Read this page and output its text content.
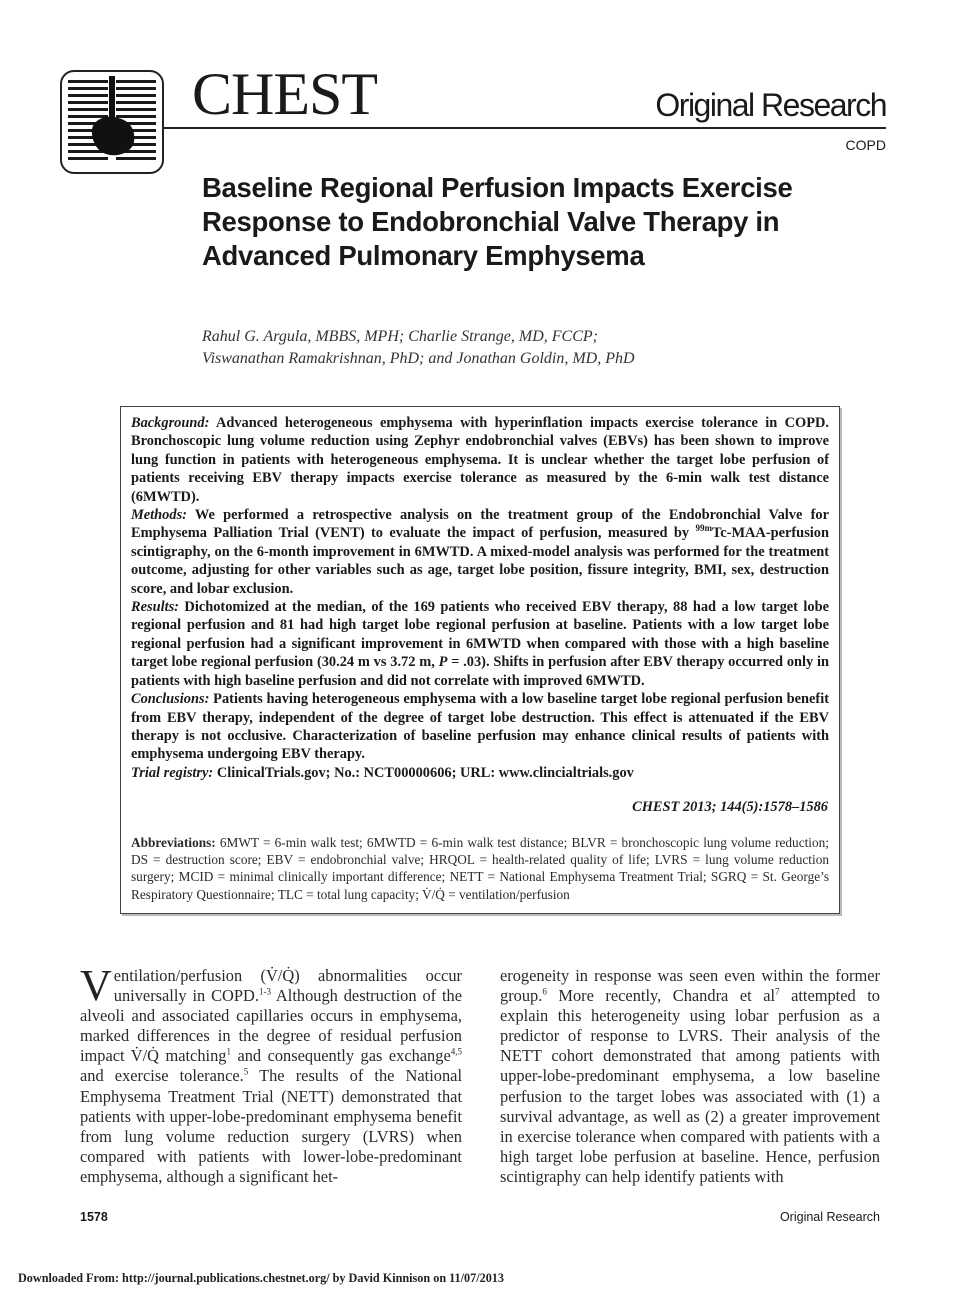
CHEST	Original Research
COPD
Baseline Regional Perfusion Impacts Exercise Response to Endobronchial Valve Therapy in Advanced Pulmonary Emphysema
Rahul G. Argula, MBBS, MPH; Charlie Strange, MD, FCCP;
Viswanathan Ramakrishnan, PhD; and Jonathan Goldin, MD, PhD
Background: Advanced heterogeneous emphysema with hyperinflation impacts exercise tolerance in COPD. Bronchoscopic lung volume reduction using Zephyr endobronchial valves (EBVs) has been shown to improve lung function in patients with heterogeneous emphysema. It is unclear whether the target lobe perfusion of patients receiving EBV therapy impacts exercise tolerance as measured by the 6-min walk test distance (6MWTD).
Methods: We performed a retrospective analysis on the treatment group of the Endobronchial Valve for Emphysema Palliation Trial (VENT) to evaluate the impact of perfusion, measured by $^{99m}$Tc-MAA-perfusion scintigraphy, on the 6-month improvement in 6MWTD. A mixed-model analysis was performed for the treatment outcome, adjusting for other variables such as age, target lobe position, fissure integrity, BMI, sex, destruction score, and lobar exclusion.
Results: Dichotomized at the median, of the 169 patients who received EBV therapy, 88 had a low target lobe regional perfusion and 81 had high target lobe regional perfusion at baseline. Patients with a low target lobe regional perfusion had a significant improvement in 6MWTD when compared with those with a high baseline target lobe regional perfusion (30.24 m vs 3.72 m, P = .03). Shifts in perfusion after EBV therapy occurred only in patients with high baseline perfusion and did not correlate with improved 6MWTD.
Conclusions: Patients having heterogeneous emphysema with a low baseline target lobe regional perfusion benefit from EBV therapy, independent of the degree of target lobe destruction. This effect is attenuated if the EBV therapy is not occlusive. Characterization of baseline perfusion may enhance clinical results of patients with emphysema undergoing EBV therapy.
Trial registry: ClinicalTrials.gov; No.: NCT00000606; URL: www.clincialtrials.gov
CHEST 2013; 144(5):1578–1586
Abbreviations: 6MWT = 6-min walk test; 6MWTD = 6-min walk test distance; BLVR = bronchoscopic lung volume reduction; DS = destruction score; EBV = endobronchial valve; HRQOL = health-related quality of life; LVRS = lung volume reduction surgery; MCID = minimal clinically important difference; NETT = National Emphysema Treatment Trial; SGRQ = St. George’s Respiratory Questionnaire; TLC = total lung capacity; V̇/Q̇ = ventilation/perfusion
Ventilation/perfusion (V̇/Q̇) abnormalities occur universally in COPD.$^{1-3}$ Although destruction of the alveoli and associated capillaries occurs in emphysema, marked differences in the degree of residual perfusion impact V̇/Q̇ matching$^1$ and consequently gas exchange$^{4,5}$ and exercise tolerance.$^5$ The results of the National Emphysema Treatment Trial (NETT) demonstrated that patients with upper-lobe-predominant emphysema benefit from lung volume reduction surgery (LVRS) when compared with patients with lower-lobe-predominant emphysema, although a significant het-
erogeneity in response was seen even within the former group.$^6$ More recently, Chandra et $al^7$ attempted to explain this heterogeneity using lobar perfusion as a predictor of response to LVRS. Their analysis of the NETT cohort demonstrated that among patients with upper-lobe-predominant emphysema, a low baseline perfusion to the target lobes was associated with (1) a survival advantage, as well as (2) a greater improvement in exercise tolerance when compared with patients with a high target lobe perfusion at baseline. Hence, perfusion scintigraphy can help identify patients with
1578	Original Research
Downloaded From: http://journal.publications.chestnet.org/ by David Kinnison on 11/07/2013
